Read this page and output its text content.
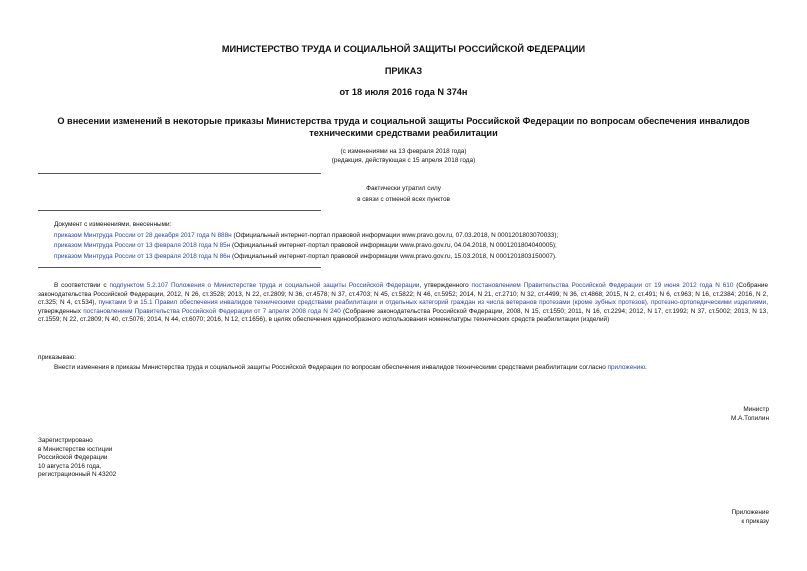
МИНИСТЕРСТВО ТРУДА И СОЦИАЛЬНОЙ ЗАЩИТЫ РОССИЙСКОЙ ФЕДЕРАЦИИ
ПРИКАЗ
от 18 июля 2016 года N 374н
О внесении изменений в некоторые приказы Министерства труда и социальной защиты Российской Федерации по вопросам обеспечения инвалидов
техническими средствами реабилитации
(с изменениями на 13 февраля 2018 года)
(редакция, действующая с 15 апреля 2018 года)
Фактически утратил силу
в связи с отменой всех пунктов
Документ с изменениями, внесенными:
приказом Минтруда России от 28 декабря 2017 года N 888н (Официальный интернет-портал правовой информации www.pravo.gov.ru, 07.03.2018, N 0001201803070033);
приказом Минтруда России от 13 февраля 2018 года N 85н (Официальный интернет-портал правовой информации www.pravo.gov.ru, 04.04.2018, N 0001201804040005);
приказом Минтруда России от 13 февраля 2018 года N 86н (Официальный интернет-портал правовой информации www.pravo.gov.ru, 15.03.2018, N 0001201803150007).
В соответствии с подпунктом 5.2.107 Положения о Министерстве труда и социальной защиты Российской Федерации, утвержденного постановлением Правительства Российской Федерации от 19 июня 2012 года N 610 (Собрание законодательства Российской Федерации, 2012, N 26, ст.3528; 2013, N 22, ст.2809; N 36, ст.4578; N 37, ст.4703; N 45, ст.5822; N 46, ст.5952; 2014, N 21, ст.2710; N 32, ст.4499; N 36, ст.4868; 2015, N 2, ст.491; N 6, ст.963; N 16, ст.2384; 2016, N 2, ст.325; N 4, ст.534), пунктами 9 и 15.1 Правил обеспечения инвалидов техническими средствами реабилитации и отдельных категорий граждан из числа ветеранов протезами (кроме зубных протезов), протезно-ортопедическими изделиями, утвержденных постановлением Правительства Российской Федерации от 7 апреля 2008 года N 240 (Собрание законодательства Российской Федерации, 2008, N 15, ст.1550; 2011, N 16, ст.2294; 2012, N 17, ст.1992; N 37, ст.5002; 2013, N 13, ст.1559; N 22, ст.2809; N 40, ст.5076; 2014, N 44, ст.6070; 2016, N 12, ст.1656), в целях обеспечения единообразного использования номенклатуры технических средств реабилитации (изделий)
приказываю:
Внести изменения в приказы Министерства труда и социальной защиты Российской Федерации по вопросам обеспечения инвалидов техническими средствами реабилитации согласно приложению.
Министр
М.А.Топилин
Зарегистрировано
в Министерстве юстиции
Российской Федерации
10 августа 2016 года,
регистрационный N 43202
Приложение
к приказу
